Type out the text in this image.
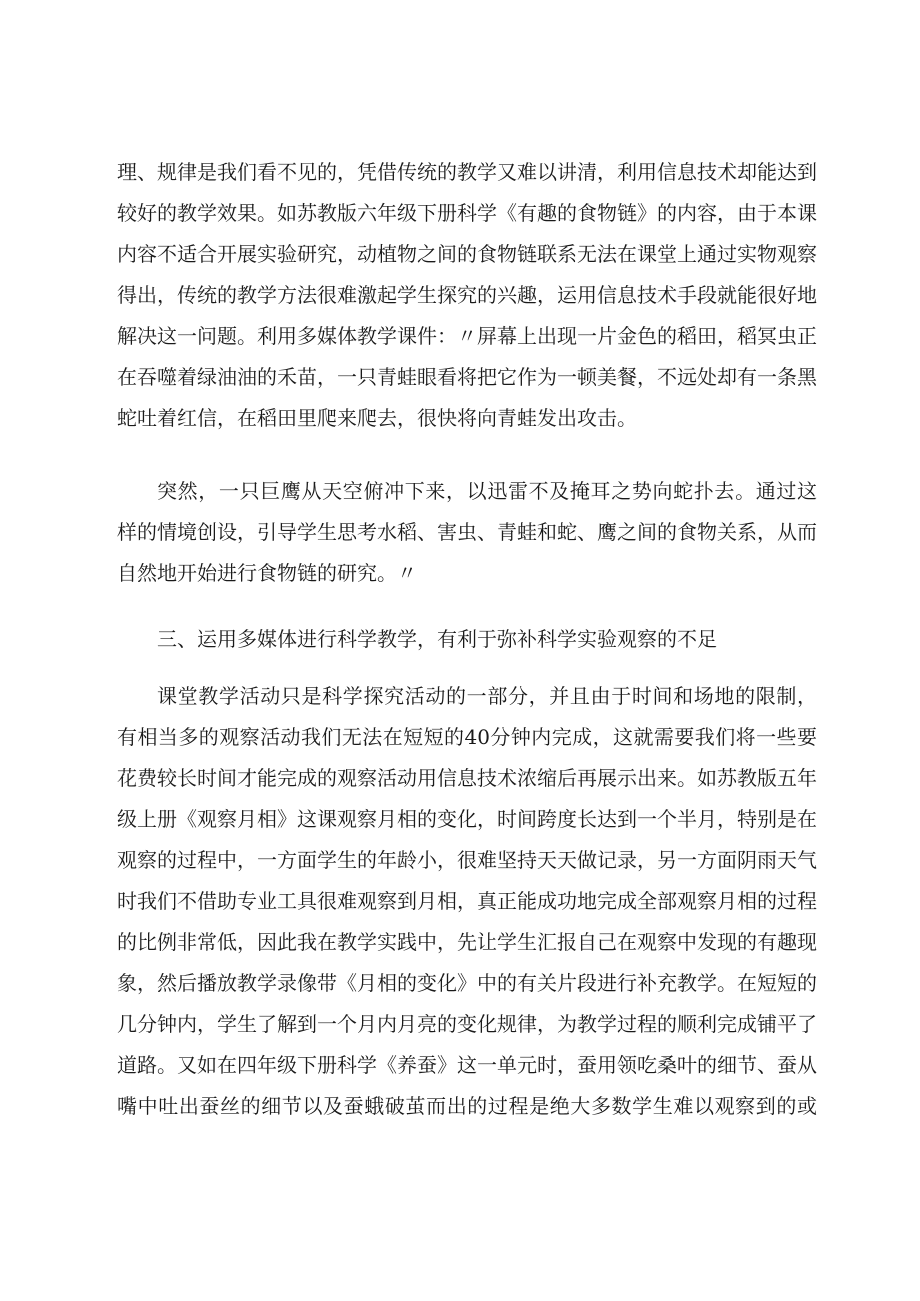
理、规律是我们看不见的，凭借传统的教学又难以讲清，利用信息技术却能达到
较好的教学效果。如苏教版六年级下册科学《有趣的食物链》的内容，由于本课
内容不适合开展实验研究，动植物之间的食物链联系无法在课堂上通过实物观察
得出，传统的教学方法很难激起学生探究的兴趣，运用信息技术手段就能很好地
解决这一问题。利用多媒体教学课件：〃屏幕上出现一片金色的稻田，稻冥虫正
在吞噬着绿油油的禾苗，一只青蛙眼看将把它作为一顿美餐，不远处却有一条黑
蛇吐着红信，在稻田里爬来爬去，很快将向青蛙发出攻击。
突然，一只巨鹰从天空俯冲下来，以迅雷不及掩耳之势向蛇扑去。通过这
样的情境创设，引导学生思考水稻、害虫、青蛙和蛇、鹰之间的食物关系，从而
自然地开始进行食物链的研究。〃
三、运用多媒体进行科学教学，有利于弥补科学实验观察的不足
课堂教学活动只是科学探究活动的一部分，并且由于时间和场地的限制，
有相当多的观察活动我们无法在短短的40分钟内完成，这就需要我们将一些要
花费较长时间才能完成的观察活动用信息技术浓缩后再展示出来。如苏教版五年
级上册《观察月相》这课观察月相的变化，时间跨度长达到一个半月，特别是在
观察的过程中，一方面学生的年龄小，很难坚持天天做记录，另一方面阴雨天气
时我们不借助专业工具很难观察到月相，真正能成功地完成全部观察月相的过程
的比例非常低，因此我在教学实践中，先让学生汇报自己在观察中发现的有趣现
象，然后播放教学录像带《月相的变化》中的有关片段进行补充教学。在短短的
几分钟内，学生了解到一个月内月亮的变化规律，为教学过程的顺利完成铺平了
道路。又如在四年级下册科学《养蚕》这一单元时，蚕用领吃桑叶的细节、蚕从
嘴中吐出蚕丝的细节以及蚕蛾破茧而出的过程是绝大多数学生难以观察到的或
